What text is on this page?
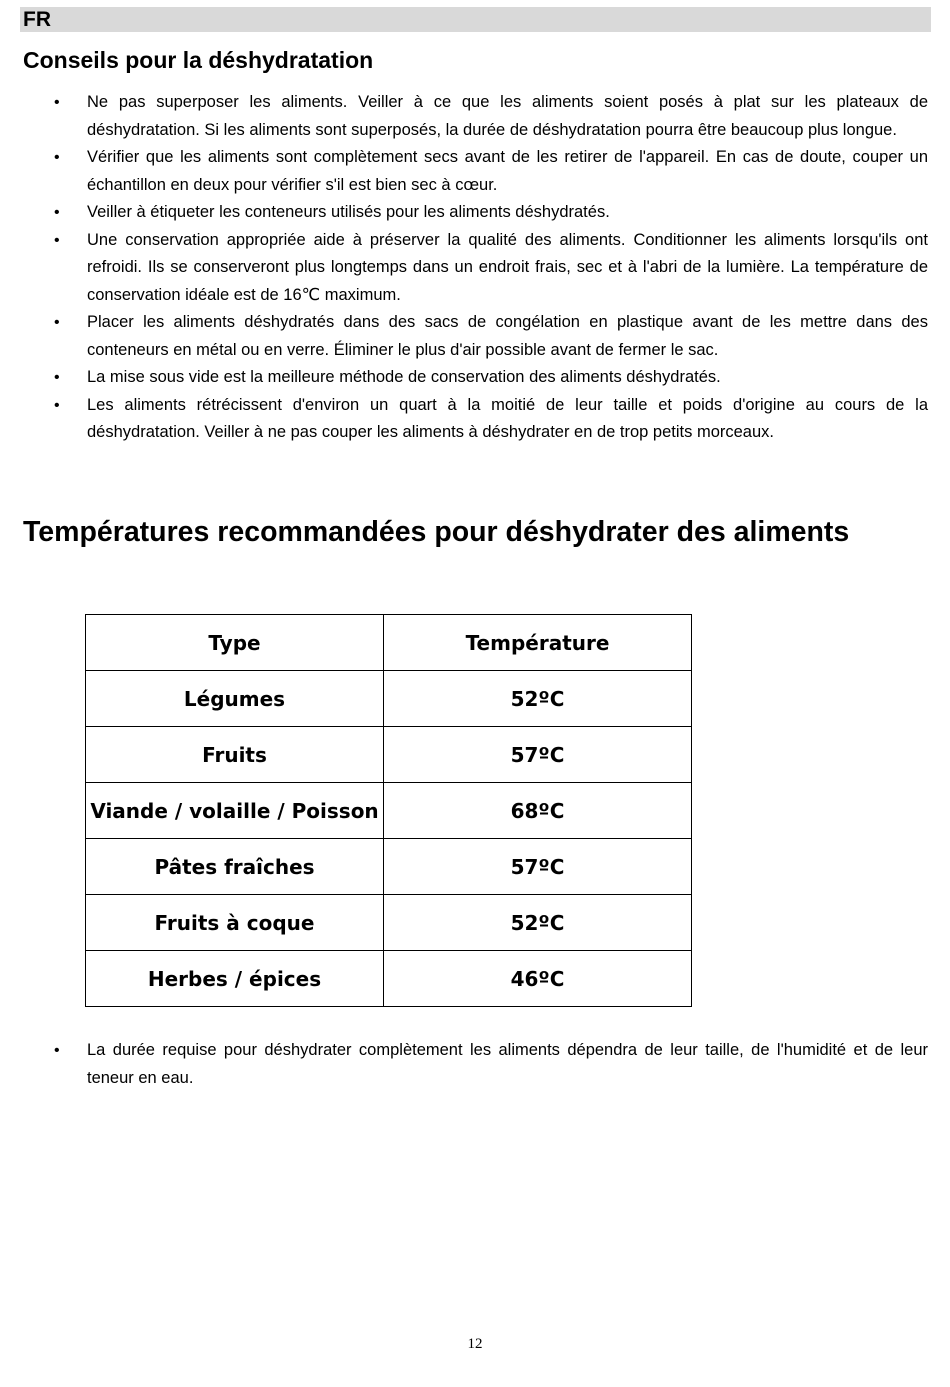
FR
Conseils pour la déshydratation
• Ne pas superposer les aliments. Veiller à ce que les aliments soient posés à plat sur les plateaux de déshydratation. Si les aliments sont superposés, la durée de déshydratation pourra être beaucoup plus longue.
• Vérifier que les aliments sont complètement secs avant de les retirer de l'appareil. En cas de doute, couper un échantillon en deux pour vérifier s'il est bien sec à cœur.
• Veiller à étiqueter les conteneurs utilisés pour les aliments déshydratés.
• Une conservation appropriée aide à préserver la qualité des aliments. Conditionner les aliments lorsqu'ils ont refroidi. Ils se conserveront plus longtemps dans un endroit frais, sec et à l'abri de la lumière. La température de conservation idéale est de 16℃ maximum.
• Placer les aliments déshydratés dans des sacs de congélation en plastique avant de les mettre dans des conteneurs en métal ou en verre. Éliminer le plus d'air possible avant de fermer le sac.
• La mise sous vide est la meilleure méthode de conservation des aliments déshydratés.
• Les aliments rétrécissent d'environ un quart à la moitié de leur taille et poids d'origine au cours de la déshydratation. Veiller à ne pas couper les aliments à déshydrater en de trop petits morceaux.
Températures recommandées pour déshydrater des aliments
Type	Température
Légumes	52ºC
Fruits	57ºC
Viande / volaille / Poisson	68ºC
Pâtes fraîches	57ºC
Fruits à coque	52ºC
Herbes / épices	46ºC
• La durée requise pour déshydrater complètement les aliments dépendra de leur taille, de l'humidité et de leur teneur en eau.
12
